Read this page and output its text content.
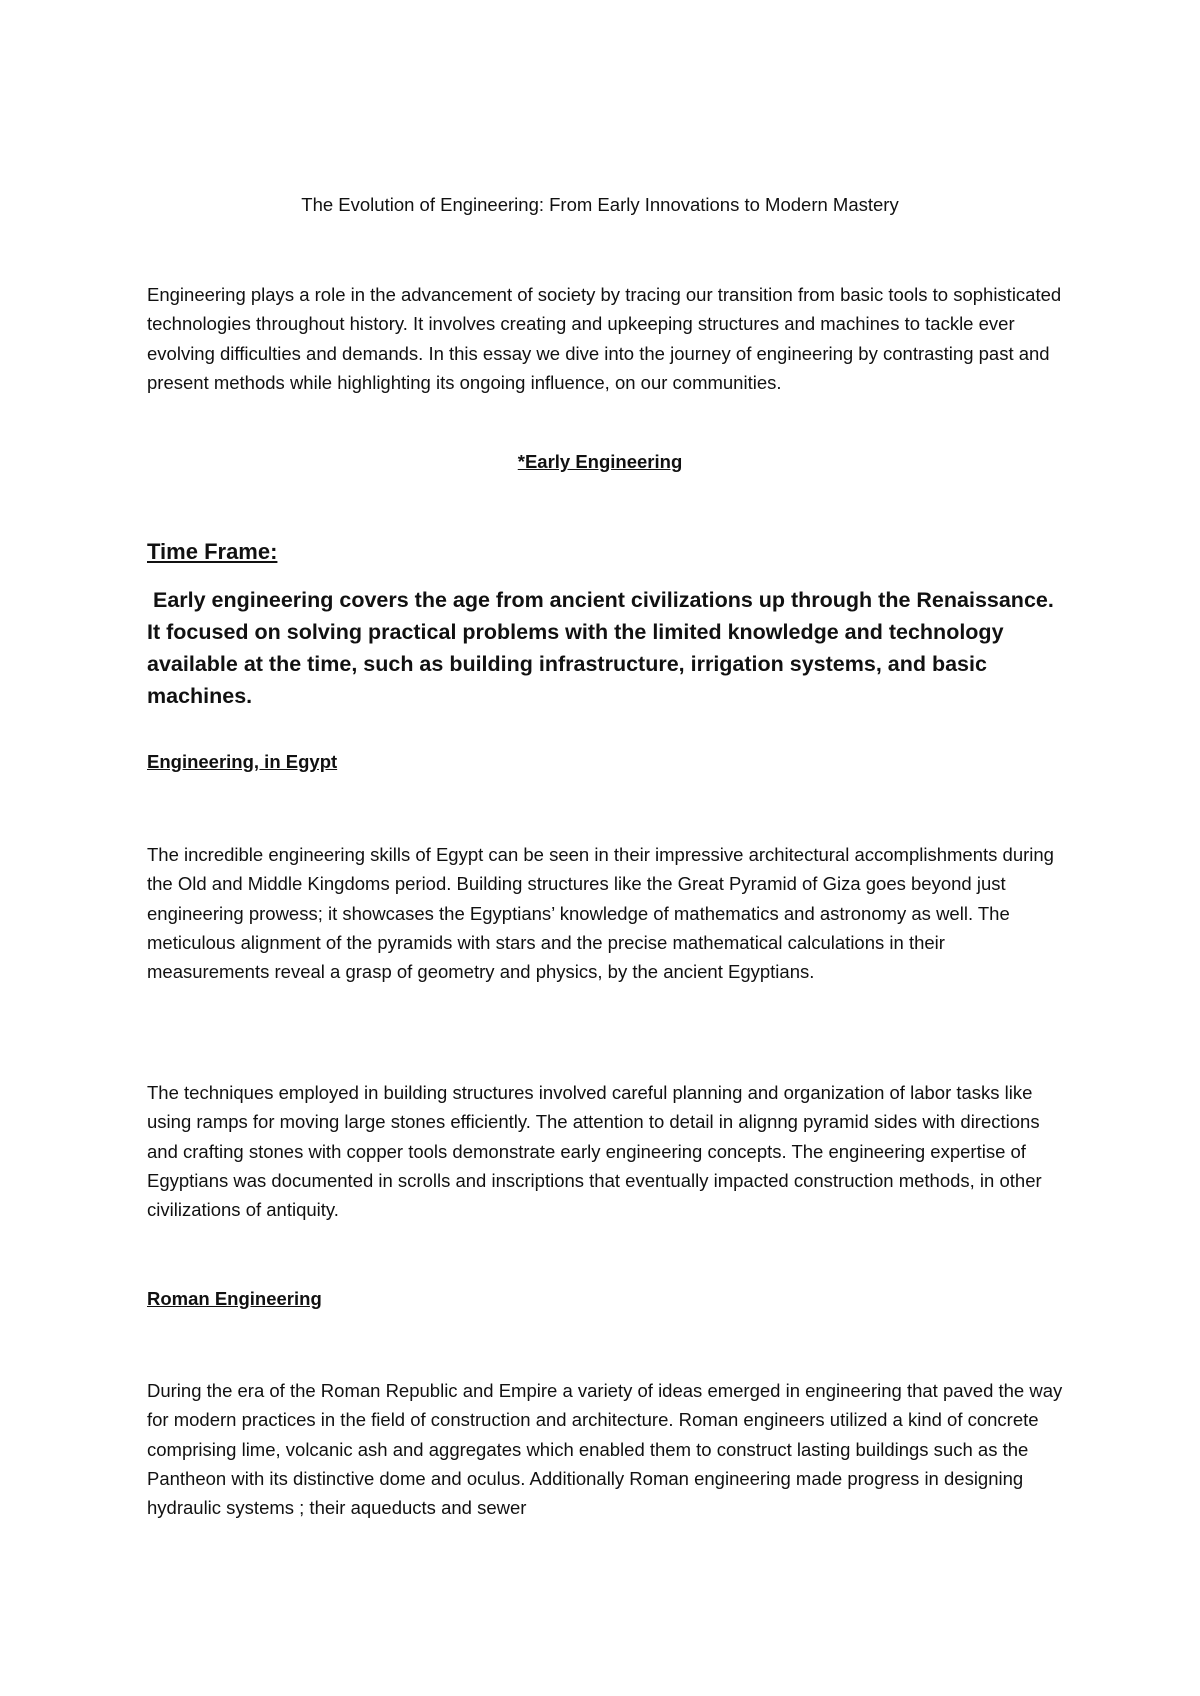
The Evolution of Engineering: From Early Innovations to Modern Mastery

Engineering plays a role in the advancement of society by tracing our transition from basic tools to sophisticated technologies throughout history. It involves creating and upkeeping structures and machines to tackle ever evolving difficulties and demands. In this essay we dive into the journey of engineering by contrasting past and present methods while highlighting its ongoing influence, on our communities.

*Early Engineering
Time Frame:

Early engineering covers the age from ancient civilizations up through the Renaissance. It focused on solving practical problems with the limited knowledge and technology available at the time, such as building infrastructure, irrigation systems, and basic machines.

Engineering, in Egypt

The incredible engineering skills of Egypt can be seen in their impressive architectural accomplishments during the Old and Middle Kingdoms period. Building structures like the Great Pyramid of Giza goes beyond just engineering prowess; it showcases the Egyptians’ knowledge of mathematics and astronomy as well. The meticulous alignment of the pyramids with stars and the precise mathematical calculations in their measurements reveal a grasp of geometry and physics, by the ancient Egyptians.

The techniques employed in building structures involved careful planning and organization of labor tasks like using ramps for moving large stones efficiently. The attention to detail in alignng pyramid sides with directions and crafting stones with copper tools demonstrate early engineering concepts. The engineering expertise of Egyptians was documented in scrolls and inscriptions that eventually impacted construction methods, in other civilizations of antiquity.

Roman Engineering

During the era of the Roman Republic and Empire a variety of ideas emerged in engineering that paved the way for modern practices in the field of construction and architecture. Roman engineers utilized a kind of concrete comprising lime, volcanic ash and aggregates which enabled them to construct lasting buildings such as the Pantheon with its distinctive dome and oculus. Additionally Roman engineering made progress in designing hydraulic systems ; their aqueducts and sewer
